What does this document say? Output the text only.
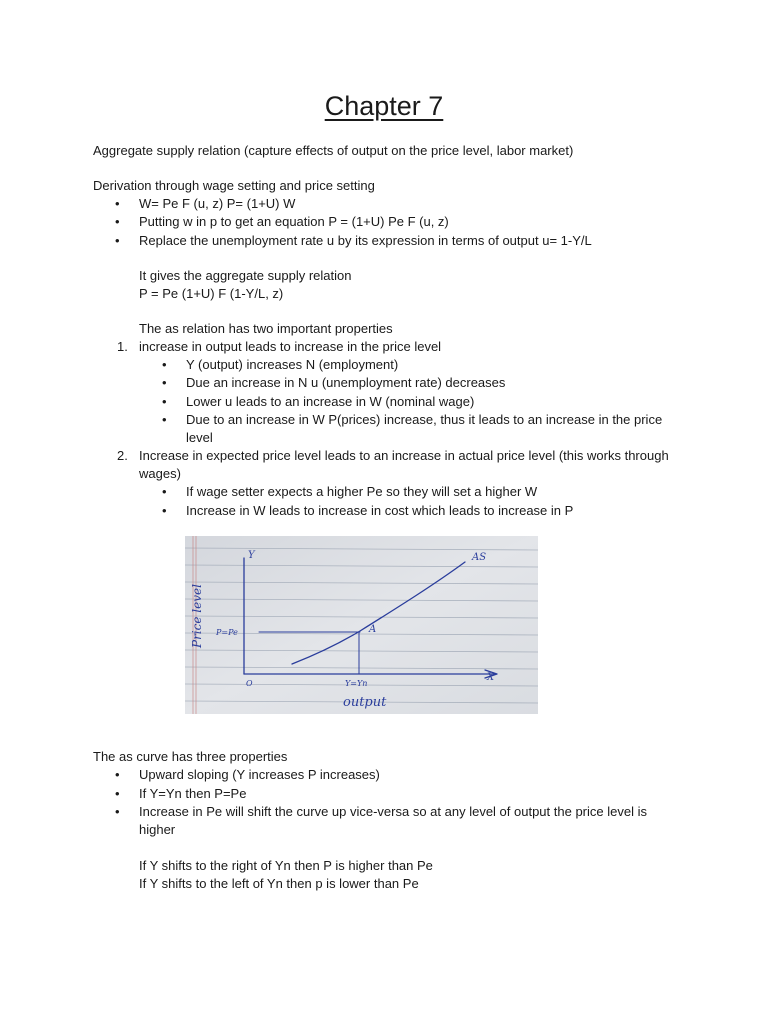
Chapter 7
Aggregate supply relation (capture effects of output on the price level, labor market)
Derivation through wage setting and price setting
• W= Pe F (u, z) P= (1+U) W
• Putting w in p to get an equation P = (1+U) Pe F (u, z)
• Replace the unemployment rate u by its expression in terms of output u= 1-Y/L
It gives the aggregate supply relation
P = Pe (1+U) F (1-Y/L, z)
The as relation has two important properties
1. increase in output leads to increase in the price level
• Y (output) increases N (employment)
• Due an increase in N u (unemployment rate) decreases
• Lower u leads to an increase in W (nominal wage)
• Due to an increase in W P(prices) increase, thus it leads to an increase in the price level
2. Increase in expected price level leads to an increase in actual price level (this works through wages)
• If wage setter expects a higher Pe so they will set a higher W
• Increase in W leads to increase in cost which leads to increase in P
Price level
Y
X
AS
A
P=Pe
Y=Yn
O
output
The as curve has three properties
• Upward sloping (Y increases P increases)
• If Y=Yn then P=Pe
• Increase in Pe will shift the curve up vice-versa so at any level of output the price level is higher
If Y shifts to the right of Yn then P is higher than Pe
If Y shifts to the left of Yn then p is lower than Pe
